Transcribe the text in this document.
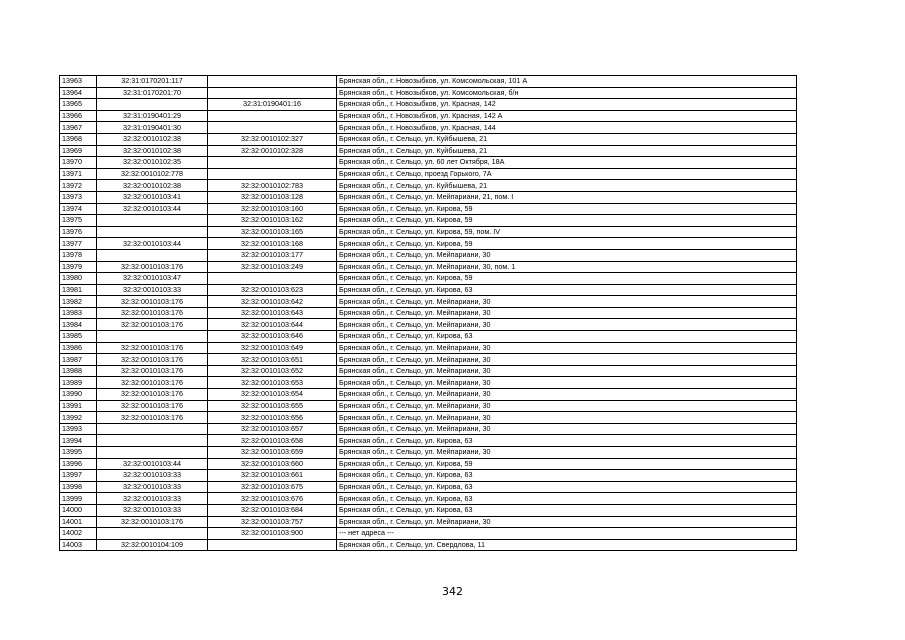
13963	32:31:0170201:117		Брянская обл., г. Новозыбков, ул. Комсомольская, 101 А
13964	32:31:0170201:70		Брянская обл., г. Новозыбков, ул. Комсомольская, б/н
13965		32:31:0190401:16	Брянская обл., г. Новозыбков, ул. Красная, 142
13966	32:31:0190401:29		Брянская обл., г. Новозыбков, ул. Красная, 142 А
13967	32:31:0190401:30		Брянская обл., г. Новозыбков, ул. Красная, 144
13968	32:32:0010102:38	32:32:0010102:327	Брянская обл., г. Сельцо, ул. Куйбышева, 21
13969	32:32:0010102:38	32:32:0010102:328	Брянская обл., г. Сельцо, ул. Куйбышева, 21
13970	32:32:0010102:35		Брянская обл., г. Сельцо, ул. 60 лет Октября, 18А
13971	32:32:0010102:778		Брянская обл., г. Сельцо, проезд Горького, 7А
13972	32:32:0010102:38	32:32:0010102:783	Брянская обл., г. Сельцо, ул. Куйбышева, 21
13973	32:32:0010103:41	32:32:0010103:128	Брянская обл., г. Сельцо, ул. Мейпариани, 21, пом. I
13974	32:32:0010103:44	32:32:0010103:160	Брянская обл., г. Сельцо, ул. Кирова, 59
13975		32:32:0010103:162	Брянская обл., г. Сельцо, ул. Кирова, 59
13976		32:32:0010103:165	Брянская обл., г. Сельцо, ул. Кирова, 59, пом. IV
13977	32:32:0010103:44	32:32:0010103:168	Брянская обл., г. Сельцо, ул. Кирова, 59
13978		32:32:0010103:177	Брянская обл., г. Сельцо, ул. Мейпариани, 30
13979	32:32:0010103:176	32:32:0010103:249	Брянская обл., г. Сельцо, ул. Мейпариани, 30, пом. 1
13980	32:32:0010103:47		Брянская обл., г. Сельцо, ул. Кирова, 59
13981	32:32:0010103:33	32:32:0010103:623	Брянская обл., г. Сельцо, ул. Кирова, 63
13982	32:32:0010103:176	32:32:0010103:642	Брянская обл., г. Сельцо, ул. Мейпариани, 30
13983	32:32:0010103:176	32:32:0010103:643	Брянская обл., г. Сельцо, ул. Мейпариани, 30
13984	32:32:0010103:176	32:32:0010103:644	Брянская обл., г. Сельцо, ул. Мейпариани, 30
13985		32:32:0010103:646	Брянская обл., г. Сельцо, ул. Кирова, 63
13986	32:32:0010103:176	32:32:0010103:649	Брянская обл., г. Сельцо, ул. Мейпариани, 30
13987	32:32:0010103:176	32:32:0010103:651	Брянская обл., г. Сельцо, ул. Мейпариани, 30
13988	32:32:0010103:176	32:32:0010103:652	Брянская обл., г. Сельцо, ул. Мейпариани, 30
13989	32:32:0010103:176	32:32:0010103:653	Брянская обл., г. Сельцо, ул. Мейпариани, 30
13990	32:32:0010103:176	32:32:0010103:654	Брянская обл., г. Сельцо, ул. Мейпариани, 30
13991	32:32:0010103:176	32:32:0010103:655	Брянская обл., г. Сельцо, ул. Мейпариани, 30
13992	32:32:0010103:176	32:32:0010103:656	Брянская обл., г. Сельцо, ул. Мейпариани, 30
13993		32:32:0010103:657	Брянская обл., г. Сельцо, ул. Мейпариани, 30
13994		32:32:0010103:658	Брянская обл., г. Сельцо, ул. Кирова, 63
13995		32:32:0010103:659	Брянская обл., г. Сельцо, ул. Мейпариани, 30
13996	32:32:0010103:44	32:32:0010103:660	Брянская обл., г. Сельцо, ул. Кирова, 59
13997	32:32:0010103:33	32:32:0010103:661	Брянская обл., г. Сельцо, ул. Кирова, 63
13998	32:32:0010103:33	32:32:0010103:675	Брянская обл., г. Сельцо, ул. Кирова, 63
13999	32:32:0010103:33	32:32:0010103:676	Брянская обл., г. Сельцо, ул. Кирова, 63
14000	32:32:0010103:33	32:32:0010103:684	Брянская обл., г. Сельцо, ул. Кирова, 63
14001	32:32:0010103:176	32:32:0010103:757	Брянская обл., г. Сельцо, ул. Мейпариани, 30
14002		32:32:0010103:900	--- нет адреса ---
14003	32:32:0010104:109		Брянская обл., г. Сельцо, ул. Свердлова, 11
342
